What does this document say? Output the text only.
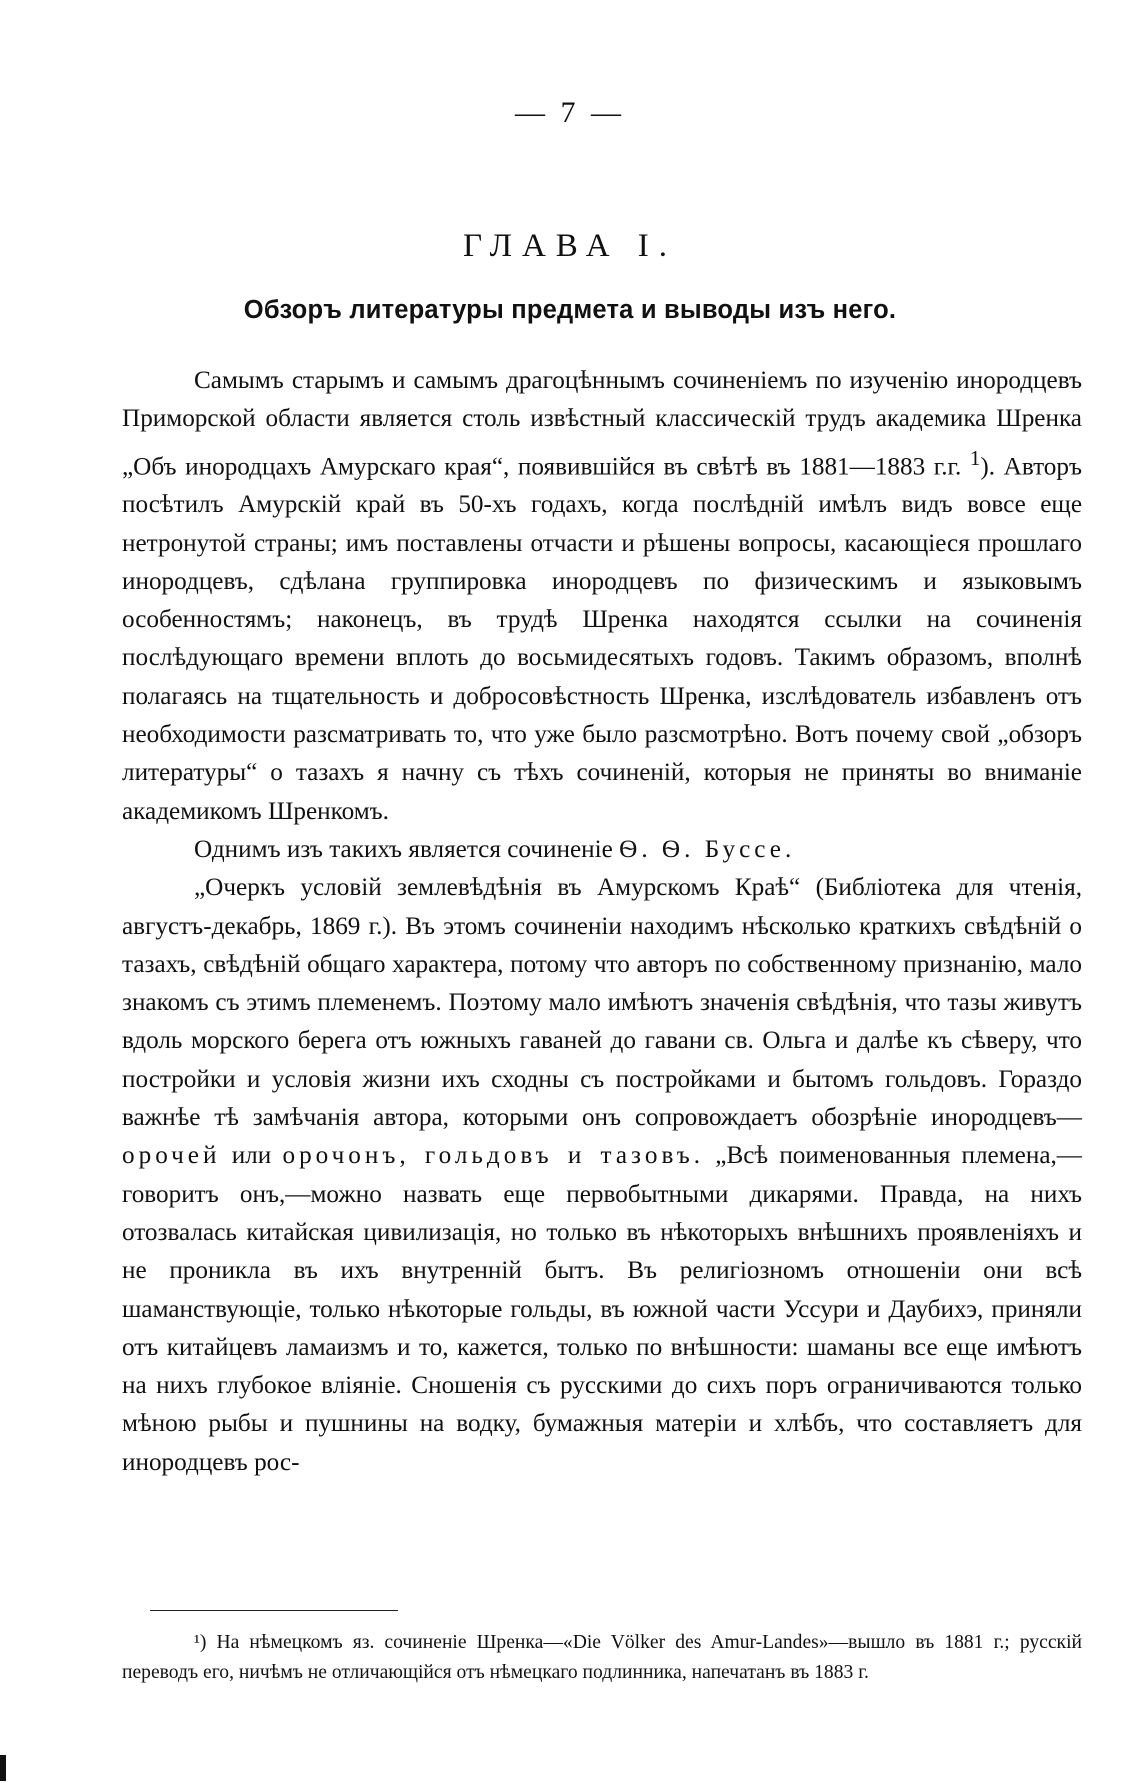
— 7 —
ГЛАВА I.
Обзоръ литературы предмета и выводы изъ него.

Самымъ старымъ и самымъ драгоцѣннымъ сочиненіемъ по изученію инородцевъ Приморской области является столь извѣстный классическій трудъ академика Шренка „Объ инородцахъ Амурскаго края“, появившійся въ свѣтѣ въ 1881—1883 г.г. $^1$). Авторъ посѣтилъ Амурскій край въ 50-хъ годахъ, когда послѣдній имѣлъ видъ вовсе еще нетронутой страны; имъ поставлены отчасти и рѣшены вопросы, касающіеся прошлаго инородцевъ, сдѣлана группировка инородцевъ по физическимъ и языковымъ особенностямъ; наконецъ, въ трудѣ Шренка находятся ссылки на сочиненія послѣдующаго времени вплоть до восьмидесятыхъ годовъ. Такимъ образомъ, вполнѣ полагаясь на тщательность и добросовѣстность Шренка, изслѣдователь избавленъ отъ необходимости разсматривать то, что уже было разсмотрѣно. Вотъ почему свой „обзоръ литературы“ о тазахъ я начну съ тѣхъ сочиненій, которыя не приняты во вниманіе академикомъ Шренкомъ.

Однимъ изъ такихъ является сочиненіе Ѳ. Ѳ. Буссе.

„Очеркъ условій землевѣдѣнія въ Амурскомъ Краѣ“ (Библіотека для чтенія, августъ-декабрь, 1869 г.). Въ этомъ сочиненіи находимъ нѣсколько краткихъ свѣдѣній о тазахъ, свѣдѣній общаго характера, потому что авторъ по собственному признанію, мало знакомъ съ этимъ племенемъ. Поэтому мало имѣютъ значенія свѣдѣнія, что тазы живутъ вдоль морского берега отъ южныхъ гаваней до гавани св. Ольга и далѣе къ сѣверу, что постройки и условія жизни ихъ сходны съ постройками и бытомъ гольдовъ. Гораздо важнѣе тѣ замѣчанія автора, которыми онъ сопровождаетъ обозрѣніе инородцевъ—орочей или орочонъ, гольдовъ и тазовъ. „Всѣ поименованныя племена,—говоритъ онъ,—можно назвать еще первобытными дикарями. Правда, на нихъ отозвалась китайская цивилизація, но только въ нѣкоторыхъ внѣшнихъ проявленіяхъ и не проникла въ ихъ внутренній бытъ. Въ религіозномъ отношеніи они всѣ шаманствующіе, только нѣкоторые гольды, въ южной части Уссури и Даубихэ, приняли отъ китайцевъ ламаизмъ и то, кажется, только по внѣшности: шаманы все еще имѣютъ на нихъ глубокое вліяніе. Сношенія съ русскими до сихъ поръ ограничиваются только мѣною рыбы и пушнины на водку, бумажныя матеріи и хлѣбъ, что составляетъ для инородцевъ рос-

¹) На нѣмецкомъ яз. сочиненіе Шренка—«Die Völker des Amur-Landes»—вышло въ 1881 г.; русскій переводъ его, ничѣмъ не отличающійся отъ нѣмецкаго подлинника, напечатанъ въ 1883 г.
